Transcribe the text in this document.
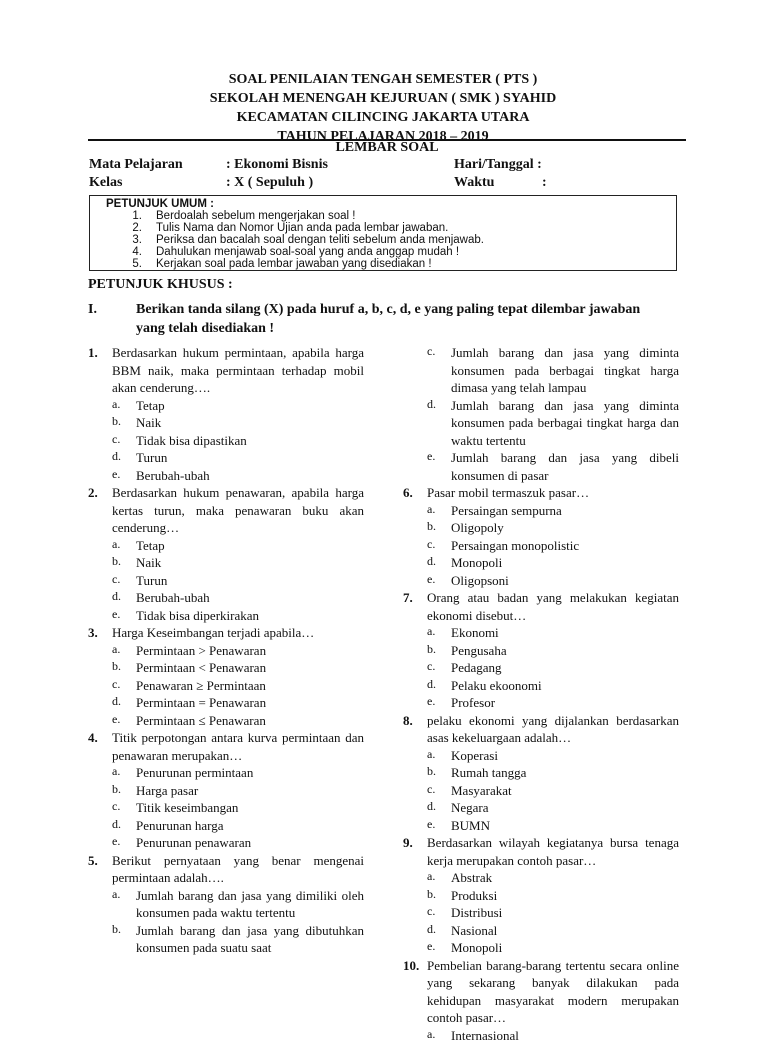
SOAL PENILAIAN TENGAH SEMESTER ( PTS )
SEKOLAH MENENGAH KEJURUAN ( SMK ) SYAHID
KECAMATAN CILINCING JAKARTA UTARA
TAHUN PELAJARAN 2018 – 2019
LEMBAR SOAL
Mata Pelajaran	: Ekonomi Bisnis
Kelas	: X ( Sepuluh )
Hari/Tanggal :
Waktu	:
PETUNJUK UMUM :
1.	Berdoalah sebelum mengerjakan soal !
2.	Tulis Nama dan Nomor Ujian anda pada lembar jawaban.
3.	Periksa dan bacalah soal dengan teliti sebelum anda menjawab.
4.	Dahulukan menjawab soal-soal yang anda anggap mudah !
5.	Kerjakan soal pada lembar jawaban yang disediakan !
PETUNJUK KHUSUS :
I.	Berikan tanda silang (X) pada huruf a, b, c, d, e yang paling tepat dilembar jawaban yang telah disediakan !
1.	Berdasarkan hukum permintaan, apabila harga BBM naik, maka permintaan terhadap mobil akan cenderung….
a.	Tetap
b.	Naik
c.	Tidak bisa dipastikan
d.	Turun
e.	Berubah-ubah
2.	Berdasarkan hukum penawaran, apabila harga kertas turun, maka penawaran buku akan cenderung…
a.	Tetap
b.	Naik
c.	Turun
d.	Berubah-ubah
e.	Tidak bisa diperkirakan
3.	Harga Keseimbangan terjadi apabila…
a.	Permintaan > Penawaran
b.	Permintaan < Penawaran
c.	Penawaran ≥ Permintaan
d.	Permintaan = Penawaran
e.	Permintaan ≤ Penawaran
4.	Titik perpotongan antara kurva permintaan dan penawaran merupakan…
a.	Penurunan permintaan
b.	Harga pasar
c.	Titik keseimbangan
d.	Penurunan harga
e.	Penurunan penawaran
5.	Berikut pernyataan yang benar mengenai permintaan adalah….
a.	Jumlah barang dan jasa yang dimiliki oleh konsumen pada waktu tertentu
b.	Jumlah barang dan jasa yang dibutuhkan konsumen pada suatu saat
c.	Jumlah barang dan jasa yang diminta konsumen pada berbagai tingkat harga dimasa yang telah lampau
d.	Jumlah barang dan jasa yang diminta konsumen pada berbagai tingkat harga dan waktu tertentu
e.	Jumlah barang dan jasa yang dibeli konsumen di pasar
6.	Pasar mobil termaszuk pasar…
a.	Persaingan sempurna
b.	Oligopoly
c.	Persaingan monopolistic
d.	Monopoli
e.	Oligopsoni
7.	Orang atau badan yang melakukan kegiatan ekonomi disebut…
a.	Ekonomi
b.	Pengusaha
c.	Pedagang
d.	Pelaku ekoonomi
e.	Profesor
8.	pelaku ekonomi yang dijalankan berdasarkan asas kekeluargaan adalah…
a.	Koperasi
b.	Rumah tangga
c.	Masyarakat
d.	Negara
e.	BUMN
9.	Berdasarkan wilayah kegiatanya bursa tenaga kerja merupakan contoh pasar…
a.	Abstrak
b.	Produksi
c.	Distribusi
d.	Nasional
e.	Monopoli
10. Pembelian barang-barang tertentu secara online yang sekarang banyak dilakukan pada kehidupan masyarakat modern merupakan contoh pasar…
a.	Internasional
